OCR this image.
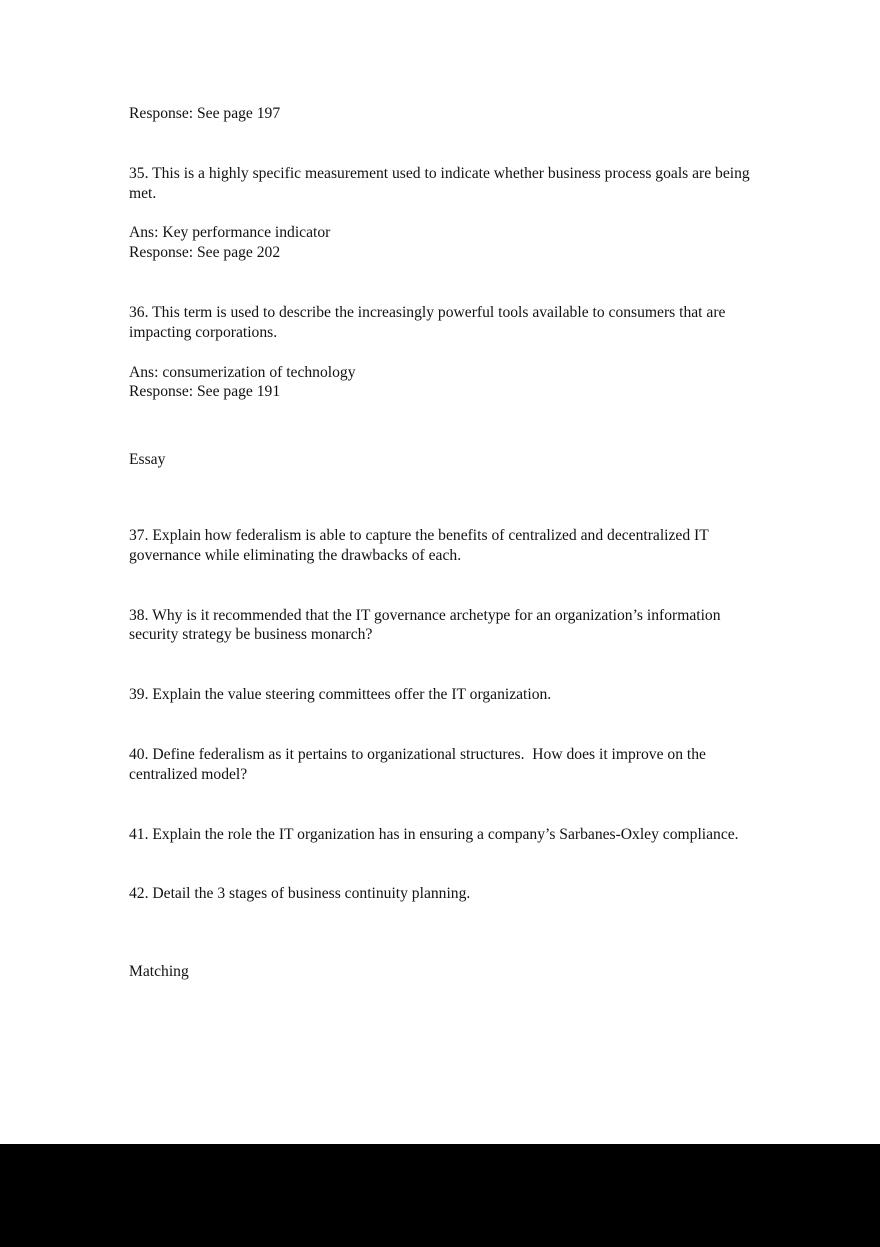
Response: See page 197

35. This is a highly specific measurement used to indicate whether business process goals are being met.

Ans: Key performance indicator

Response: See page 202

36. This term is used to describe the increasingly powerful tools available to consumers that are impacting corporations.

Ans: consumerization of technology

Response: See page 191

Essay

37. Explain how federalism is able to capture the benefits of centralized and decentralized IT governance while eliminating the drawbacks of each.

38. Why is it recommended that the IT governance archetype for an organization’s information security strategy be business monarch?

39. Explain the value steering committees offer the IT organization.

40. Define federalism as it pertains to organizational structures.  How does it improve on the centralized model?

41. Explain the role the IT organization has in ensuring a company’s Sarbanes-Oxley compliance.

42. Detail the 3 stages of business continuity planning.

Matching
